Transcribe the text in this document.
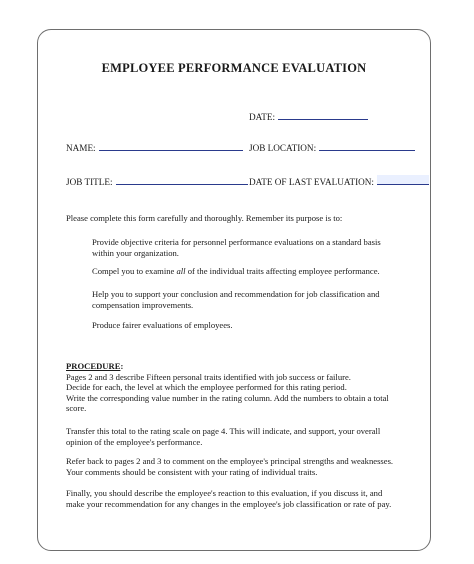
EMPLOYEE PERFORMANCE EVALUATION
DATE:
NAME:	JOB LOCATION:
JOB TITLE:	DATE OF LAST EVALUATION:
Please complete this form carefully and thoroughly. Remember its purpose is to:
Provide objective criteria for personnel performance evaluations on a standard basis
within your organization.
Compel you to examine all of the individual traits affecting employee performance.
Help you to support your conclusion and recommendation for job classification and
compensation improvements.
Produce fairer evaluations of employees.
PROCEDURE:
Pages 2 and 3 describe Fifteen personal traits identified with job success or failure.
Decide for each, the level at which the employee performed for this rating period.
Write the corresponding value number in the rating column. Add the numbers to obtain a total
score.
Transfer this total to the rating scale on page 4. This will indicate, and support, your overall
opinion of the employee's performance.
Refer back to pages 2 and 3 to comment on the employee's principal strengths and weaknesses.
Your comments should be consistent with your rating of individual traits.
Finally, you should describe the employee's reaction to this evaluation, if you discuss it, and
make your recommendation for any changes in the employee's job classification or rate of pay.
